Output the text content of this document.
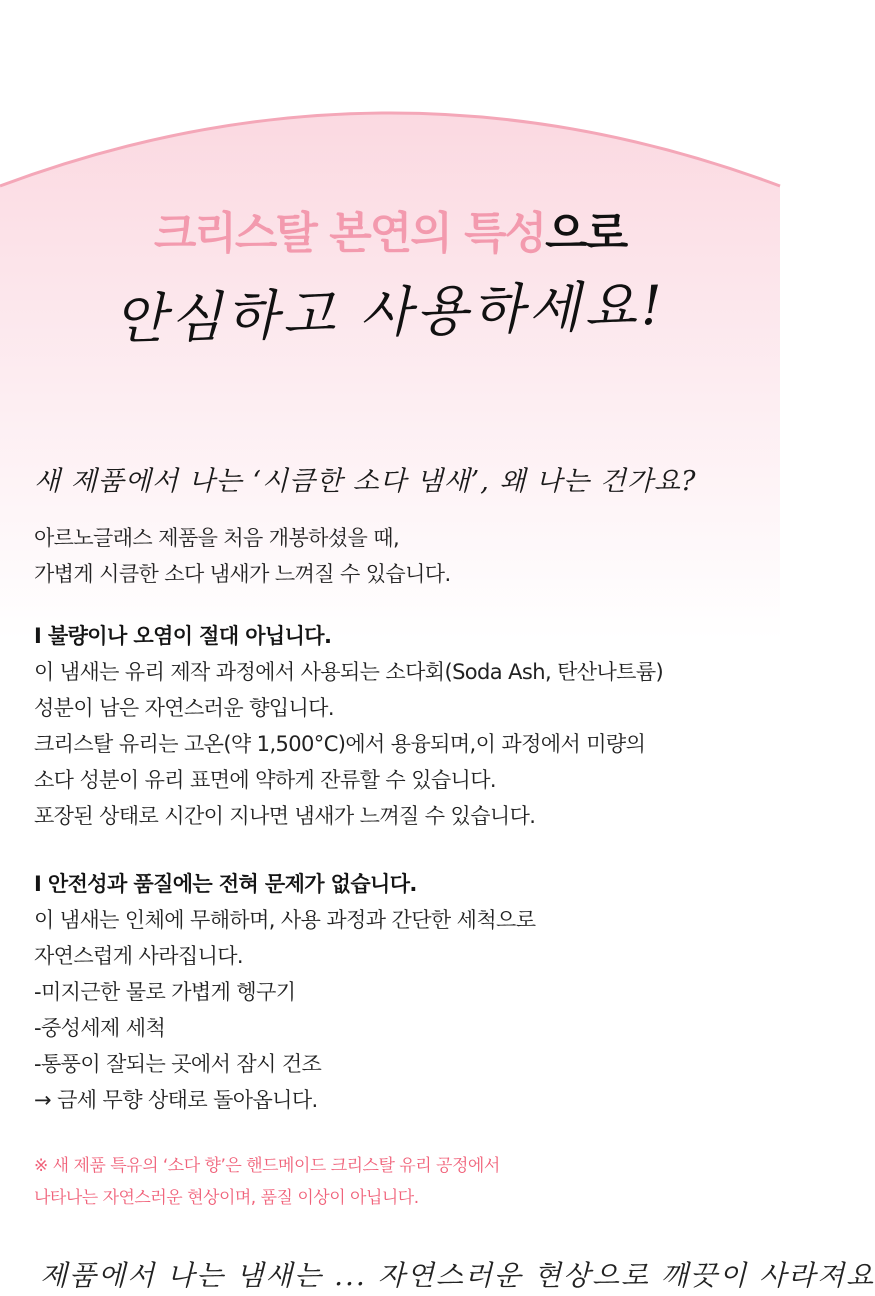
크리스탈 본연의 특성으로
안심하고 사용하세요!
새 제품에서 나는 ‘시큼한 소다 냄새’, 왜 나는 건가요?

아르노글래스 제품을 처음 개봉하셨을 때,

가볍게 시큼한 소다 냄새가 느껴질 수 있습니다.

I 불량이나 오염이 절대 아닙니다.

이 냄새는 유리 제작 과정에서 사용되는 소다회(Soda Ash, 탄산나트륨)

성분이 남은 자연스러운 향입니다.

크리스탈 유리는 고온(약 1,500°C)에서 용융되며,이 과정에서 미량의

소다 성분이 유리 표면에 약하게 잔류할 수 있습니다.

포장된 상태로 시간이 지나면 냄새가 느껴질 수 있습니다.

I 안전성과 품질에는 전혀 문제가 없습니다.

이 냄새는 인체에 무해하며, 사용 과정과 간단한 세척으로

자연스럽게 사라집니다.

-미지근한 물로 가볍게 헹구기

-중성세제 세척

-통풍이 잘되는 곳에서 잠시 건조

→ 금세 무향 상태로 돌아옵니다.

※ 새 제품 특유의 ‘소다 향’은 핸드메이드 크리스탈 유리 공정에서

나타나는 자연스러운 현상이며, 품질 이상이 아닙니다.

제품에서 나는 냄새는 ... 자연스러운 현상으로 깨끗이 사라져요
